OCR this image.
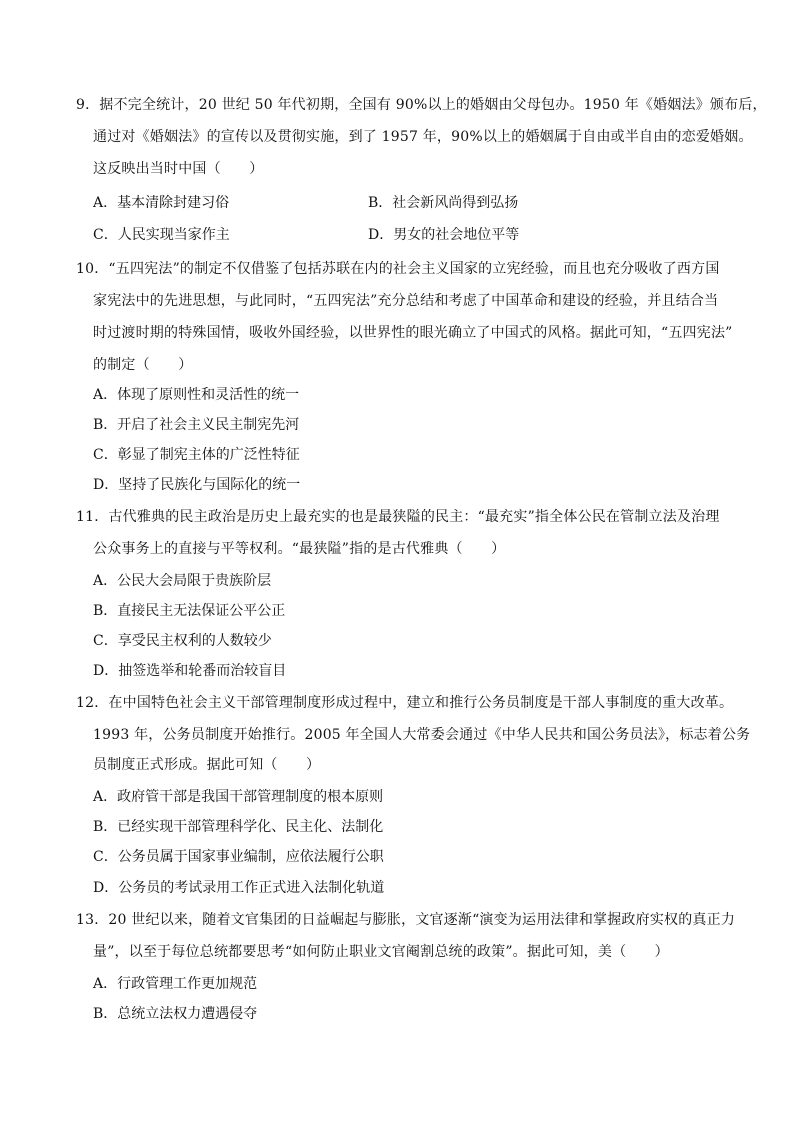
9．据不完全统计，20 世纪 50 年代初期，全国有 90%以上的婚姻由父母包办。1950 年《婚姻法》颁布后，
通过对《婚姻法》的宣传以及贯彻实施，到了 1957 年，90%以上的婚姻属于自由或半自由的恋爱婚姻。
这反映出当时中国（　　）
A．基本清除封建习俗	B．社会新风尚得到弘扬
C．人民实现当家作主	D．男女的社会地位平等
10．“五四宪法”的制定不仅借鉴了包括苏联在内的社会主义国家的立宪经验，而且也充分吸收了西方国
家宪法中的先进思想，与此同时，“五四宪法”充分总结和考虑了中国革命和建设的经验，并且结合当
时过渡时期的特殊国情，吸收外国经验，以世界性的眼光确立了中国式的风格。据此可知，“五四宪法”
的制定（　　）
A．体现了原则性和灵活性的统一
B．开启了社会主义民主制宪先河
C．彰显了制宪主体的广泛性特征
D．坚持了民族化与国际化的统一
11．古代雅典的民主政治是历史上最充实的也是最狭隘的民主：“最充实”指全体公民在管制立法及治理
公众事务上的直接与平等权利。“最狭隘”指的是古代雅典（　　）
A．公民大会局限于贵族阶层
B．直接民主无法保证公平公正
C．享受民主权利的人数较少
D．抽签选举和轮番而治较盲目
12．在中国特色社会主义干部管理制度形成过程中，建立和推行公务员制度是干部人事制度的重大改革。
1993 年，公务员制度开始推行。2005 年全国人大常委会通过《中华人民共和国公务员法》，标志着公务
员制度正式形成。据此可知（　　）
A．政府管干部是我国干部管理制度的根本原则
B．已经实现干部管理科学化、民主化、法制化
C．公务员属于国家事业编制，应依法履行公职
D．公务员的考试录用工作正式进入法制化轨道
13．20 世纪以来，随着文官集团的日益崛起与膨胀，文官逐渐“演变为运用法律和掌握政府实权的真正力
量”，以至于每位总统都要思考“如何防止职业文官阉割总统的政策”。据此可知，美（　　）
A．行政管理工作更加规范
B．总统立法权力遭遇侵夺
